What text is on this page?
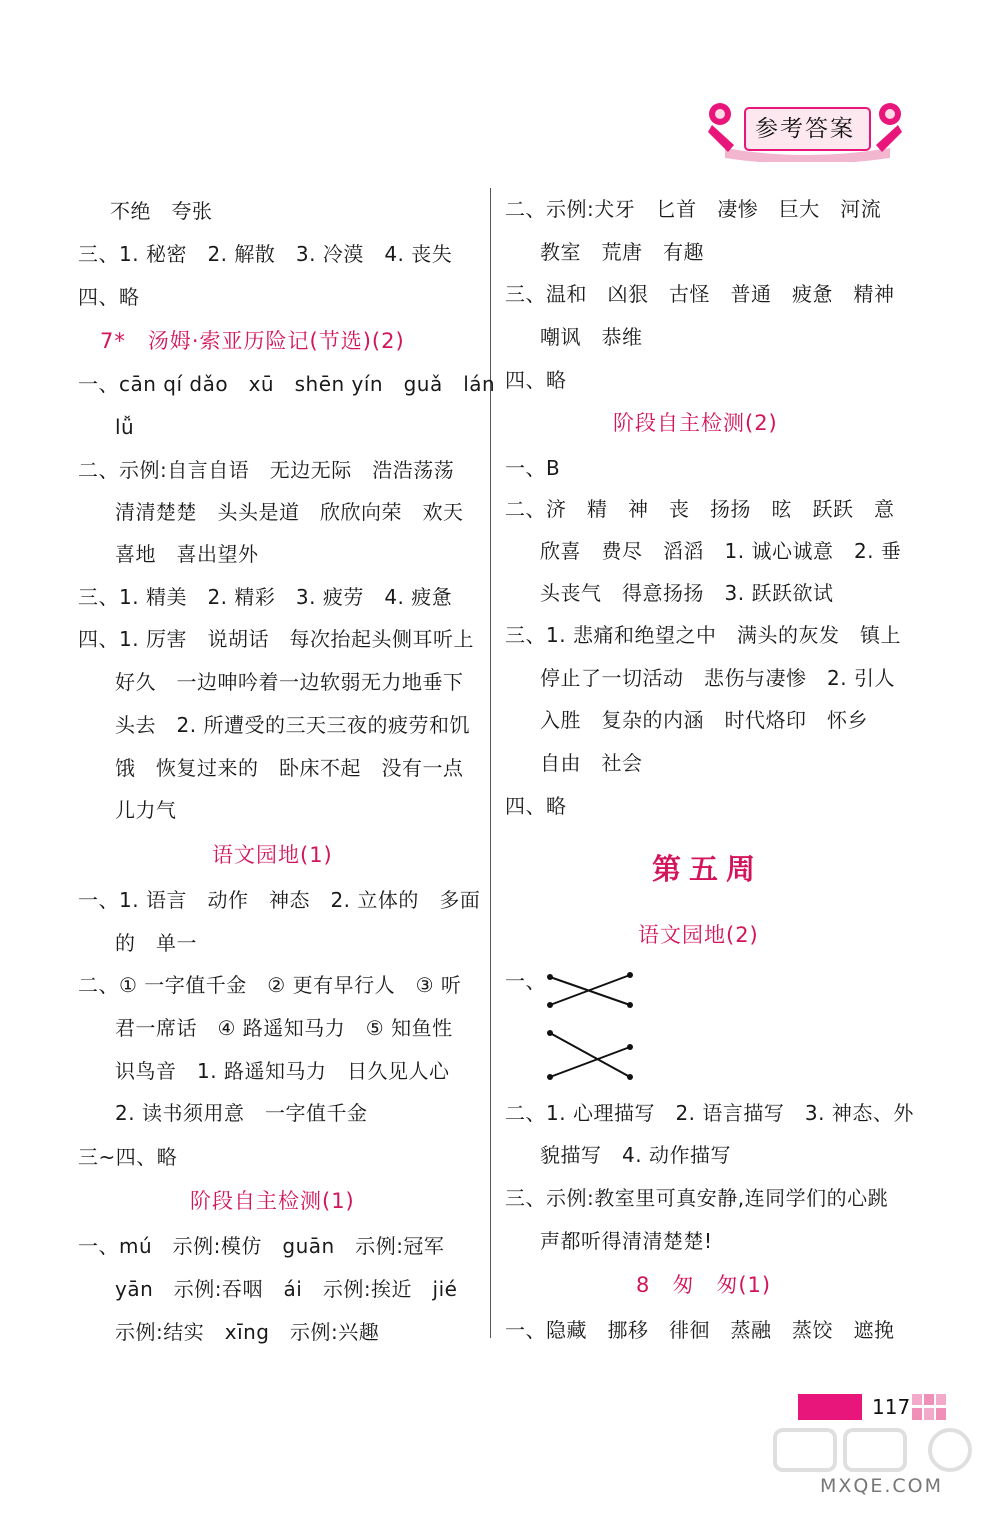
参考答案
不绝　夸张
三、1. 秘密　2. 解散　3. 冷漠　4. 丧失
四、略
7*　汤姆·索亚历险记(节选)(2)
一、cān qí dǎo　xū　shēn yín　guǎ　lán
lǚ
二、示例:自言自语　无边无际　浩浩荡荡
清清楚楚　头头是道　欣欣向荣　欢天
喜地　喜出望外
三、1. 精美　2. 精彩　3. 疲劳　4. 疲惫
四、1. 厉害　说胡话　每次抬起头侧耳听上
好久　一边呻吟着一边软弱无力地垂下
头去　2. 所遭受的三天三夜的疲劳和饥
饿　恢复过来的　卧床不起　没有一点
儿力气
语文园地(1)
一、1. 语言　动作　神态　2. 立体的　多面
的　单一
二、① 一字值千金　② 更有早行人　③ 听
君一席话　④ 路遥知马力　⑤ 知鱼性
识鸟音　1. 路遥知马力　日久见人心
2. 读书须用意　一字值千金
三~四、略
阶段自主检测(1)
一、mú　示例:模仿　guān　示例:冠军
yān　示例:吞咽　ái　示例:挨近　jié
示例:结实　xīng　示例:兴趣
二、示例:犬牙　匕首　凄惨　巨大　河流
教室　荒唐　有趣
三、温和　凶狠　古怪　普通　疲惫　精神
嘲讽　恭维
四、略
阶段自主检测(2)
一、B
二、济　精　神　丧　扬扬　昡　跃跃　意
欣喜　费尽　滔滔　1. 诚心诚意　2. 垂
头丧气　得意扬扬　3. 跃跃欲试
三、1. 悲痛和绝望之中　满头的灰发　镇上
停止了一切活动　悲伤与凄惨　2. 引人
入胜　复杂的内涵　时代烙印　怀乡
自由　社会
四、略
第五周
语文园地(2)
一、
二、1. 心理描写　2. 语言描写　3. 神态、外
貌描写　4. 动作描写
三、示例:教室里可真安静,连同学们的心跳
声都听得清清楚楚!
8　匆　匆(1)
一、隐藏　挪移　徘徊　蒸融　蒸饺　遮挽
117
MXQE.COM
